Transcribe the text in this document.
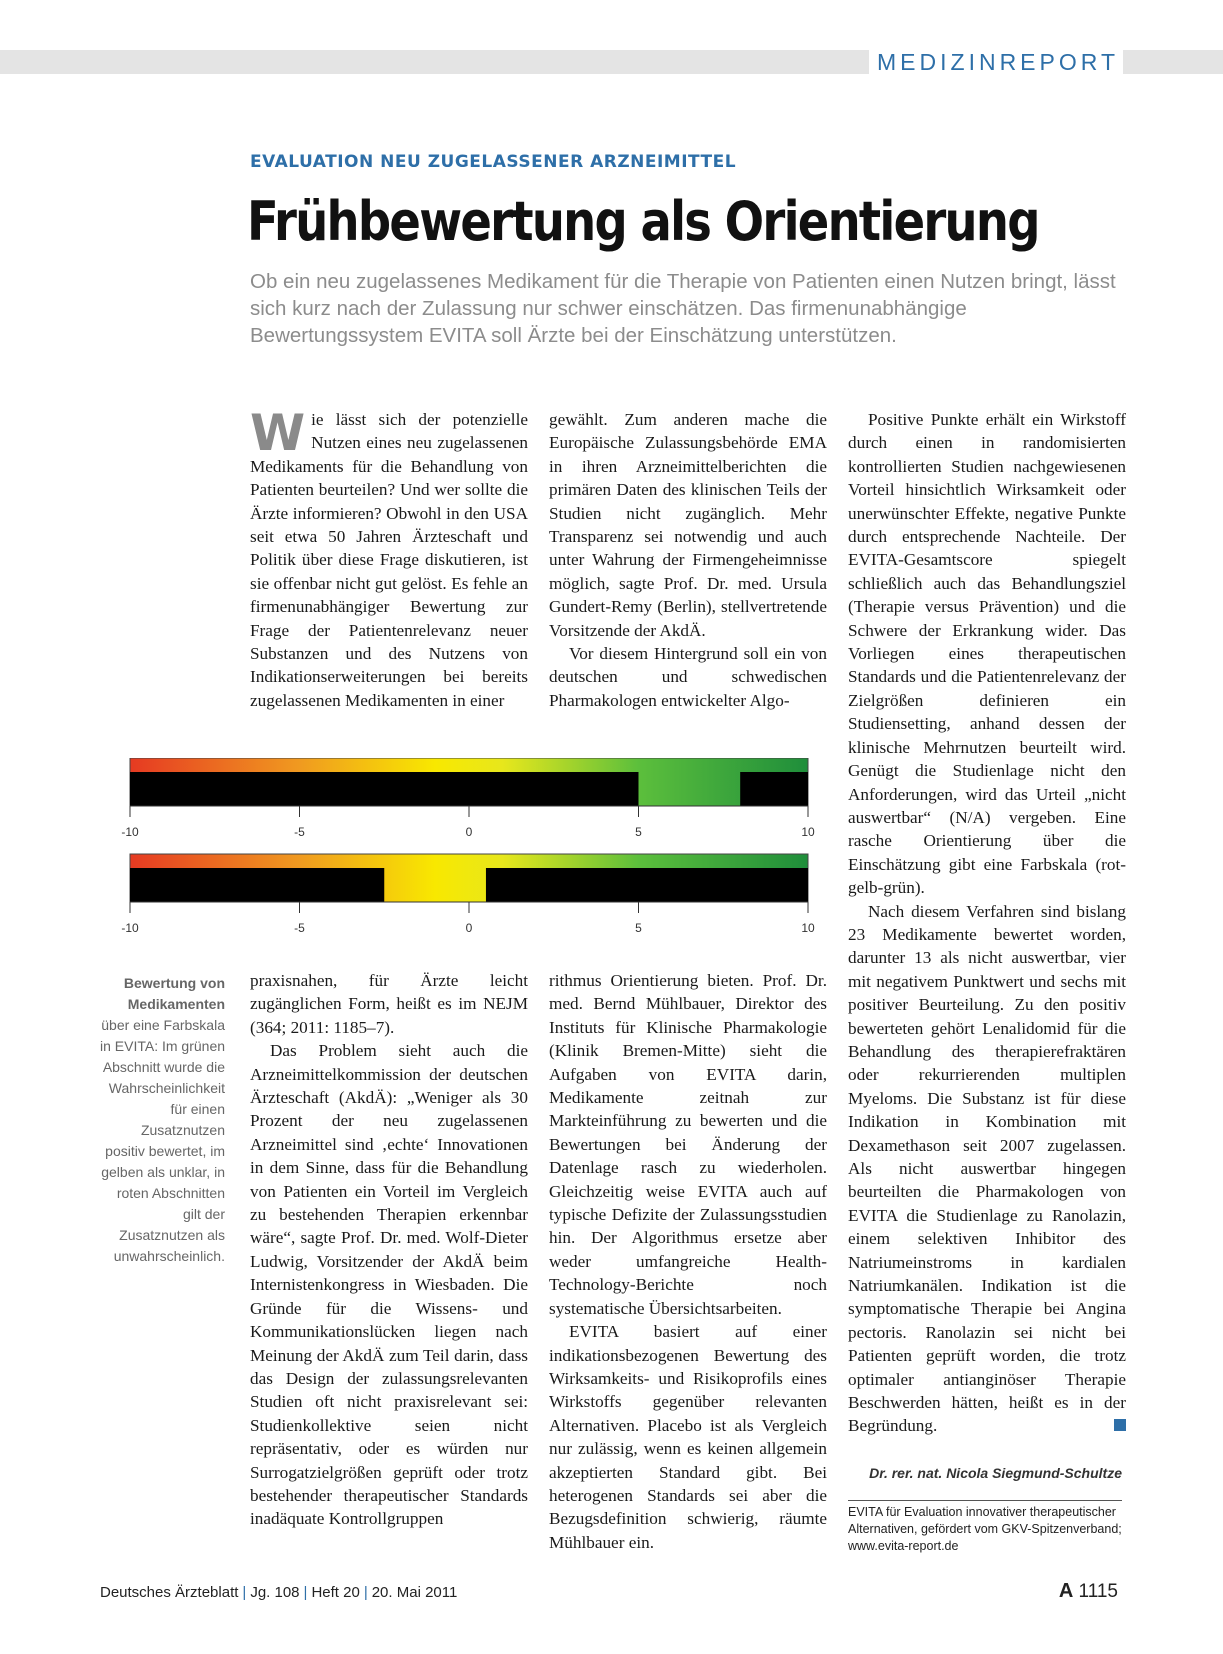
MEDIZINREPORT
EVALUATION NEU ZUGELASSENER ARZNEIMITTEL
Frühbewertung als Orientierung
Ob ein neu zugelassenes Medikament für die Therapie von Patienten einen Nutzen bringt, lässt sich kurz nach der Zulassung nur schwer einschätzen. Das firmenunabhängige Bewertungssystem EVITA soll Ärzte bei der Einschätzung unterstützen.

Wie lässt sich der potenzielle Nutzen eines neu zugelassenen Medikaments für die Behandlung von Patienten beurteilen? Und wer sollte die Ärzte informieren? Obwohl in den USA seit etwa 50 Jahren Ärzteschaft und Politik über diese Frage diskutieren, ist sie offenbar nicht gut gelöst. Es fehle an firmenunabhängiger Bewertung zur Frage der Patientenrelevanz neuer Substanzen und des Nutzens von Indikationserweiterungen bei bereits zugelassenen Medikamenten in einer

gewählt. Zum anderen mache die Europäische Zulassungsbehörde EMA in ihren Arzneimittelberichten die primären Daten des klinischen Teils der Studien nicht zugänglich. Mehr Transparenz sei notwendig und auch unter Wahrung der Firmengeheimnisse möglich, sagte Prof. Dr. med. Ursula Gundert-Remy (Berlin), stellvertretende Vorsitzende der AkdÄ.

Vor diesem Hintergrund soll ein von deutschen und schwedischen Pharmakologen entwickelter Algo-

Positive Punkte erhält ein Wirkstoff durch einen in randomisierten kontrollierten Studien nachgewiesenen Vorteil hinsichtlich Wirksamkeit oder unerwünschter Effekte, negative Punkte durch entsprechende Nachteile. Der EVITA-Gesamtscore spiegelt schließlich auch das Behandlungsziel (Therapie versus Prävention) und die Schwere der Erkrankung wider. Das Vorliegen eines therapeutischen Standards und die Patientenrelevanz der Zielgrößen definieren ein Studiensetting, anhand dessen der klinische Mehrnutzen beurteilt wird. Genügt die Studienlage nicht den Anforderungen, wird das Urteil „nicht auswertbar“ (N/A) vergeben. Eine rasche Orientierung über die Einschätzung gibt eine Farbskala (rot-gelb-grün).

Nach diesem Verfahren sind bislang 23 Medikamente bewertet worden, darunter 13 als nicht auswertbar, vier mit negativem Punktwert und sechs mit positiver Beurteilung. Zu den positiv bewerteten gehört Lenalidomid für die Behandlung des therapierefraktären oder rekurrierenden multiplen Myeloms. Die Substanz ist für diese Indikation in Kombination mit Dexamethason seit 2007 zugelassen. Als nicht auswertbar hingegen beurteilten die Pharmakologen von EVITA die Studienlage zu Ranolazin, einem selektiven Inhibitor des Natriumeinstroms in kardialen Natriumkanälen. Indikation ist die symptomatische Therapie bei Angina pectoris. Ranolazin sei nicht bei Patienten geprüft worden, die trotz optimaler antianginöser Therapie Beschwerden hätten, heißt es in der Begründung.

-10	-5	0	5	10
-10	-5	0	5	10
Bewertung von Medikamenten
über eine Farbskala in EVITA: Im grünen Abschnitt wurde die Wahrscheinlichkeit für einen Zusatznutzen positiv bewertet, im gelben als unklar, in roten Abschnitten gilt der Zusatznutzen als unwahrscheinlich.

praxisnahen, für Ärzte leicht zugänglichen Form, heißt es im NEJM (364; 2011: 1185–7).

Das Problem sieht auch die Arzneimittelkommission der deutschen Ärzteschaft (AkdÄ): „Weniger als 30 Prozent der neu zugelassenen Arzneimittel sind ‚echte‘ Innovationen in dem Sinne, dass für die Behandlung von Patienten ein Vorteil im Vergleich zu bestehenden Therapien erkennbar wäre“, sagte Prof. Dr. med. Wolf-Dieter Ludwig, Vorsitzender der AkdÄ beim Internistenkongress in Wiesbaden. Die Gründe für die Wissens- und Kommunikationslücken liegen nach Meinung der AkdÄ zum Teil darin, dass das Design der zulassungsrelevanten Studien oft nicht praxisrelevant sei: Studienkollektive seien nicht repräsentativ, oder es würden nur Surrogatzielgrößen geprüft oder trotz bestehender therapeutischer Standards inadäquate Kontrollgruppen

rithmus Orientierung bieten. Prof. Dr. med. Bernd Mühlbauer, Direktor des Instituts für Klinische Pharmakologie (Klinik Bremen-Mitte) sieht die Aufgaben von EVITA darin, Medikamente zeitnah zur Markteinführung zu bewerten und die Bewertungen bei Änderung der Datenlage rasch zu wiederholen. Gleichzeitig weise EVITA auch auf typische Defizite der Zulassungsstudien hin. Der Algorithmus ersetze aber weder umfangreiche Health-Technology-Berichte noch systematische Übersichtsarbeiten.

EVITA basiert auf einer indikationsbezogenen Bewertung des Wirksamkeits- und Risikoprofils eines Wirkstoffs gegenüber relevanten Alternativen. Placebo ist als Vergleich nur zulässig, wenn es keinen allgemein akzeptierten Standard gibt. Bei heterogenen Standards sei aber die Bezugsdefinition schwierig, räumte Mühlbauer ein.

Dr. rer. nat. Nicola Siegmund-Schultze
EVITA für Evaluation innovativer therapeutischer Alternativen, gefördert vom GKV-Spitzenverband; www.evita-report.de
Deutsches Ärzteblatt | Jg. 108 | Heft 20 | 20. Mai 2011	A 1115
